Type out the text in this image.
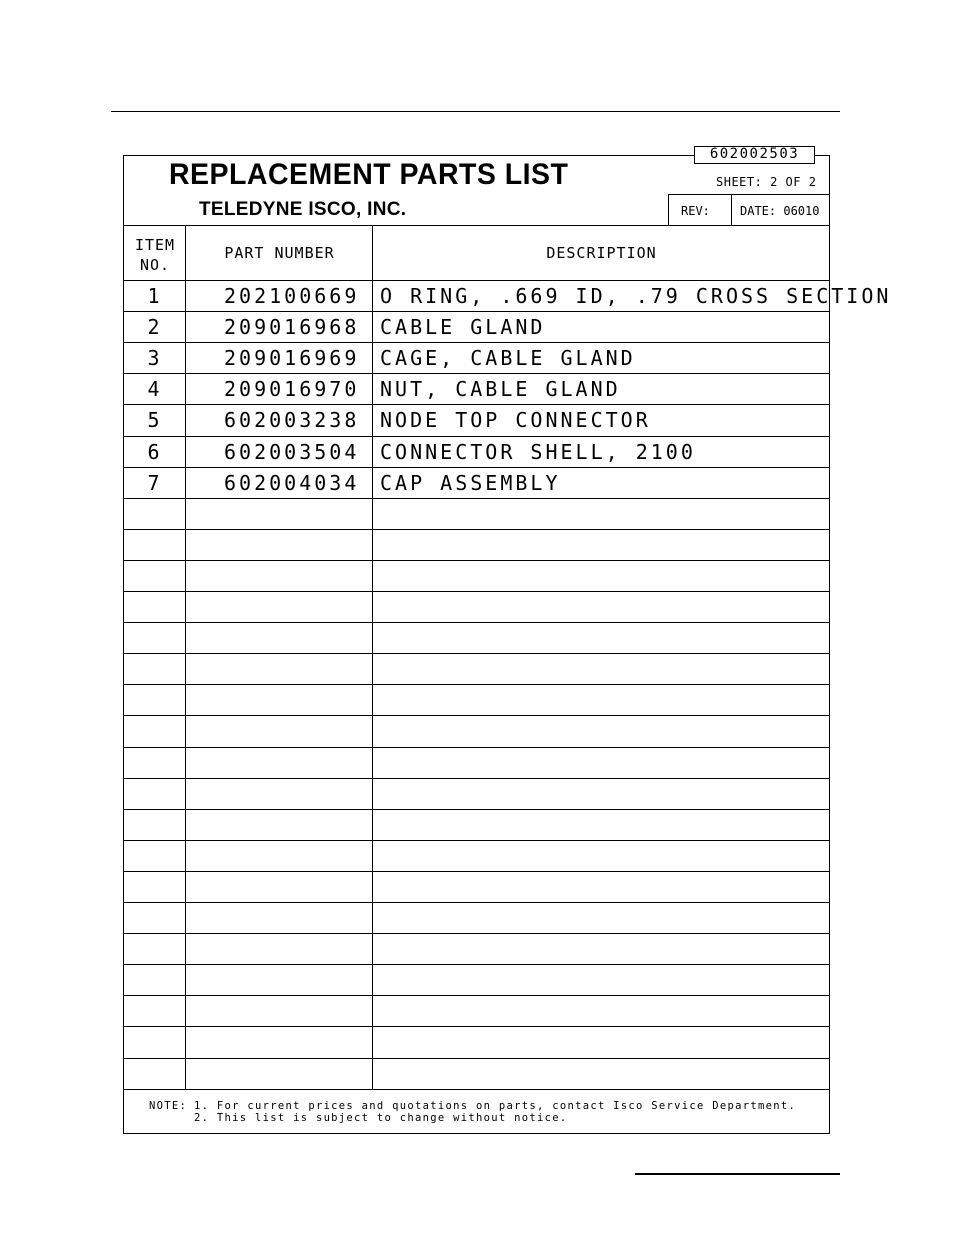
602002503
REPLACEMENT PARTS LIST
TELEDYNE ISCO, INC.
SHEET: 2 OF 2
REV:	DATE: 06010
ITEM
NO.
PART NUMBER	DESCRIPTION
1	202100669 O RING, .669 ID, .79 CROSS SECTION
2	209016968 CABLE GLAND
3	209016969 CAGE, CABLE GLAND
4	209016970 NUT, CABLE GLAND
5	602003238 NODE TOP CONNECTOR
6	602003504 CONNECTOR SHELL, 2100
7	602004034 CAP ASSEMBLY
NOTE: 1. For current prices and quotations on parts, contact Isco Service Department.
2. This list is subject to change without notice.
